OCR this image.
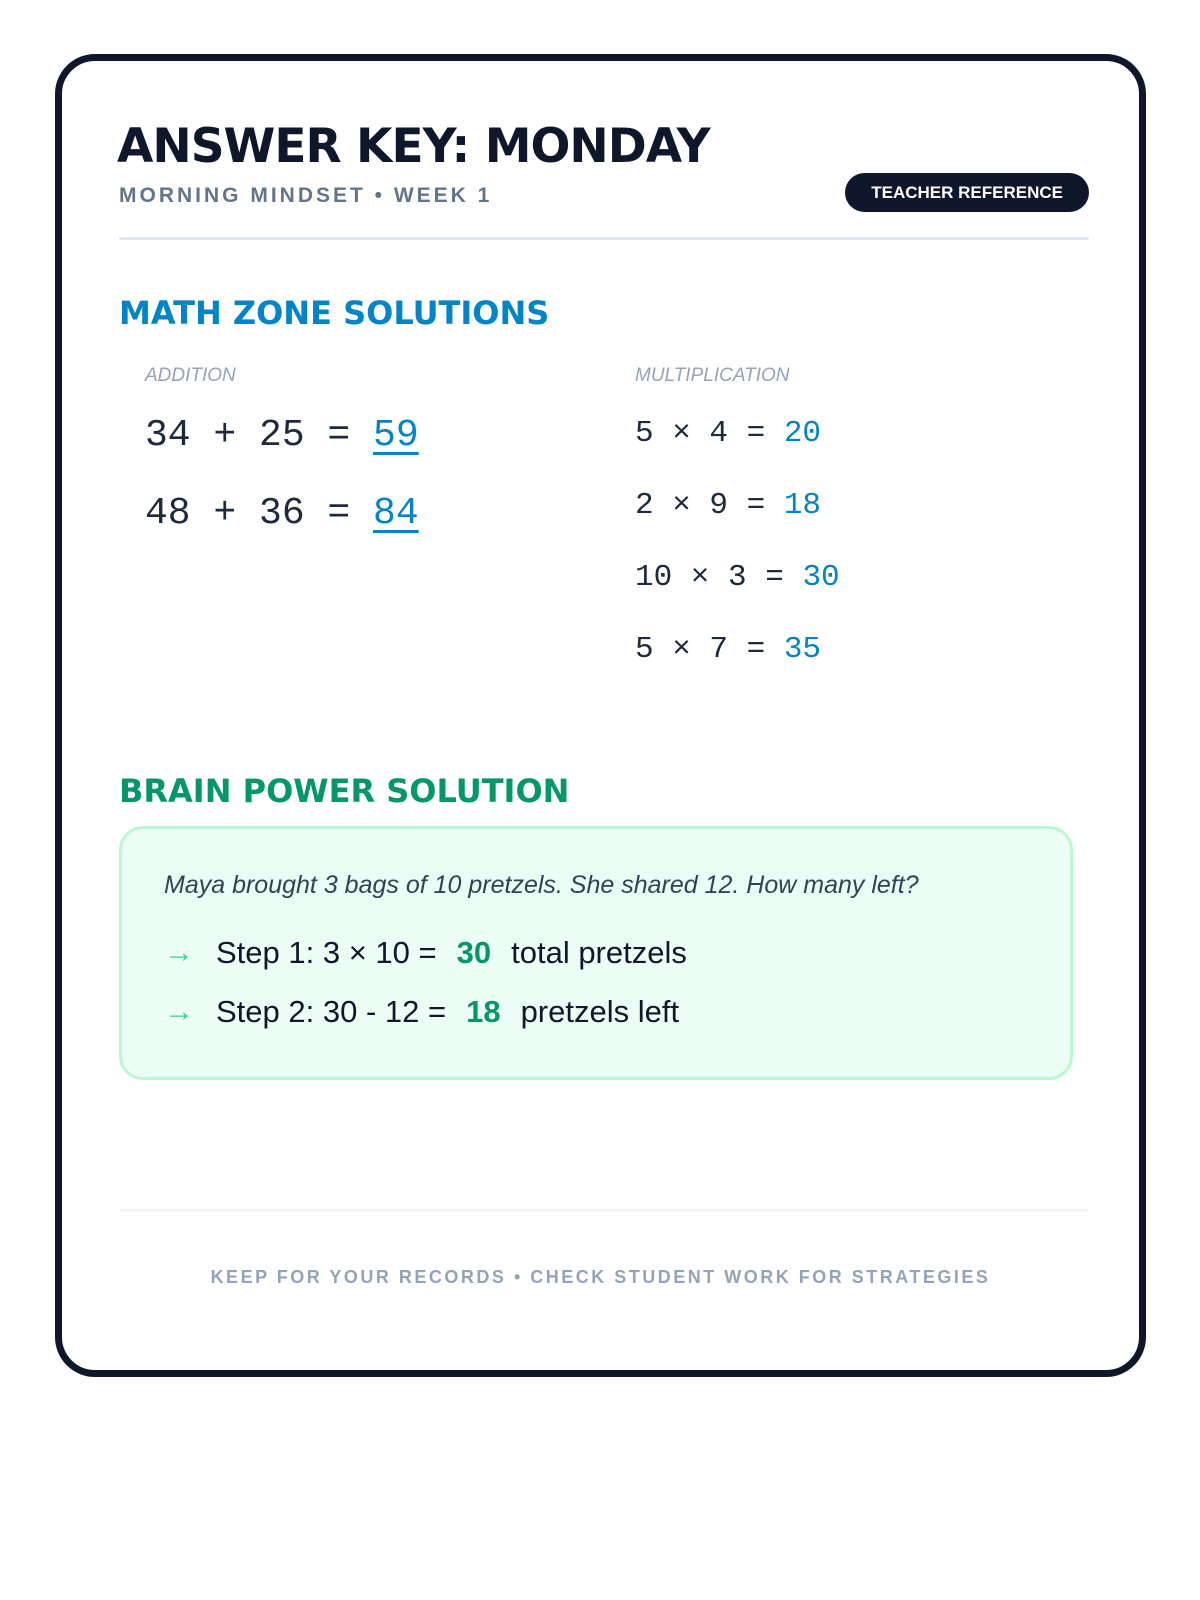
ANSWER KEY: MONDAY
MORNING MINDSET • WEEK 1	TEACHER REFERENCE
MATH ZONE SOLUTIONS
ADDITION
34 + 25 = 59
48 + 36 = 84
MULTIPLICATION
5 × 4 = 20
2 × 9 = 18
10 × 3 = 30
5 × 7 = 35
BRAIN POWER SOLUTION
Maya brought 3 bags of 10 pretzels. She shared 12. How many left?
→ Step 1: 3 × 10 = 30 total pretzels
→ Step 2: 30 - 12 = 18 pretzels left
KEEP FOR YOUR RECORDS • CHECK STUDENT WORK FOR STRATEGIES
